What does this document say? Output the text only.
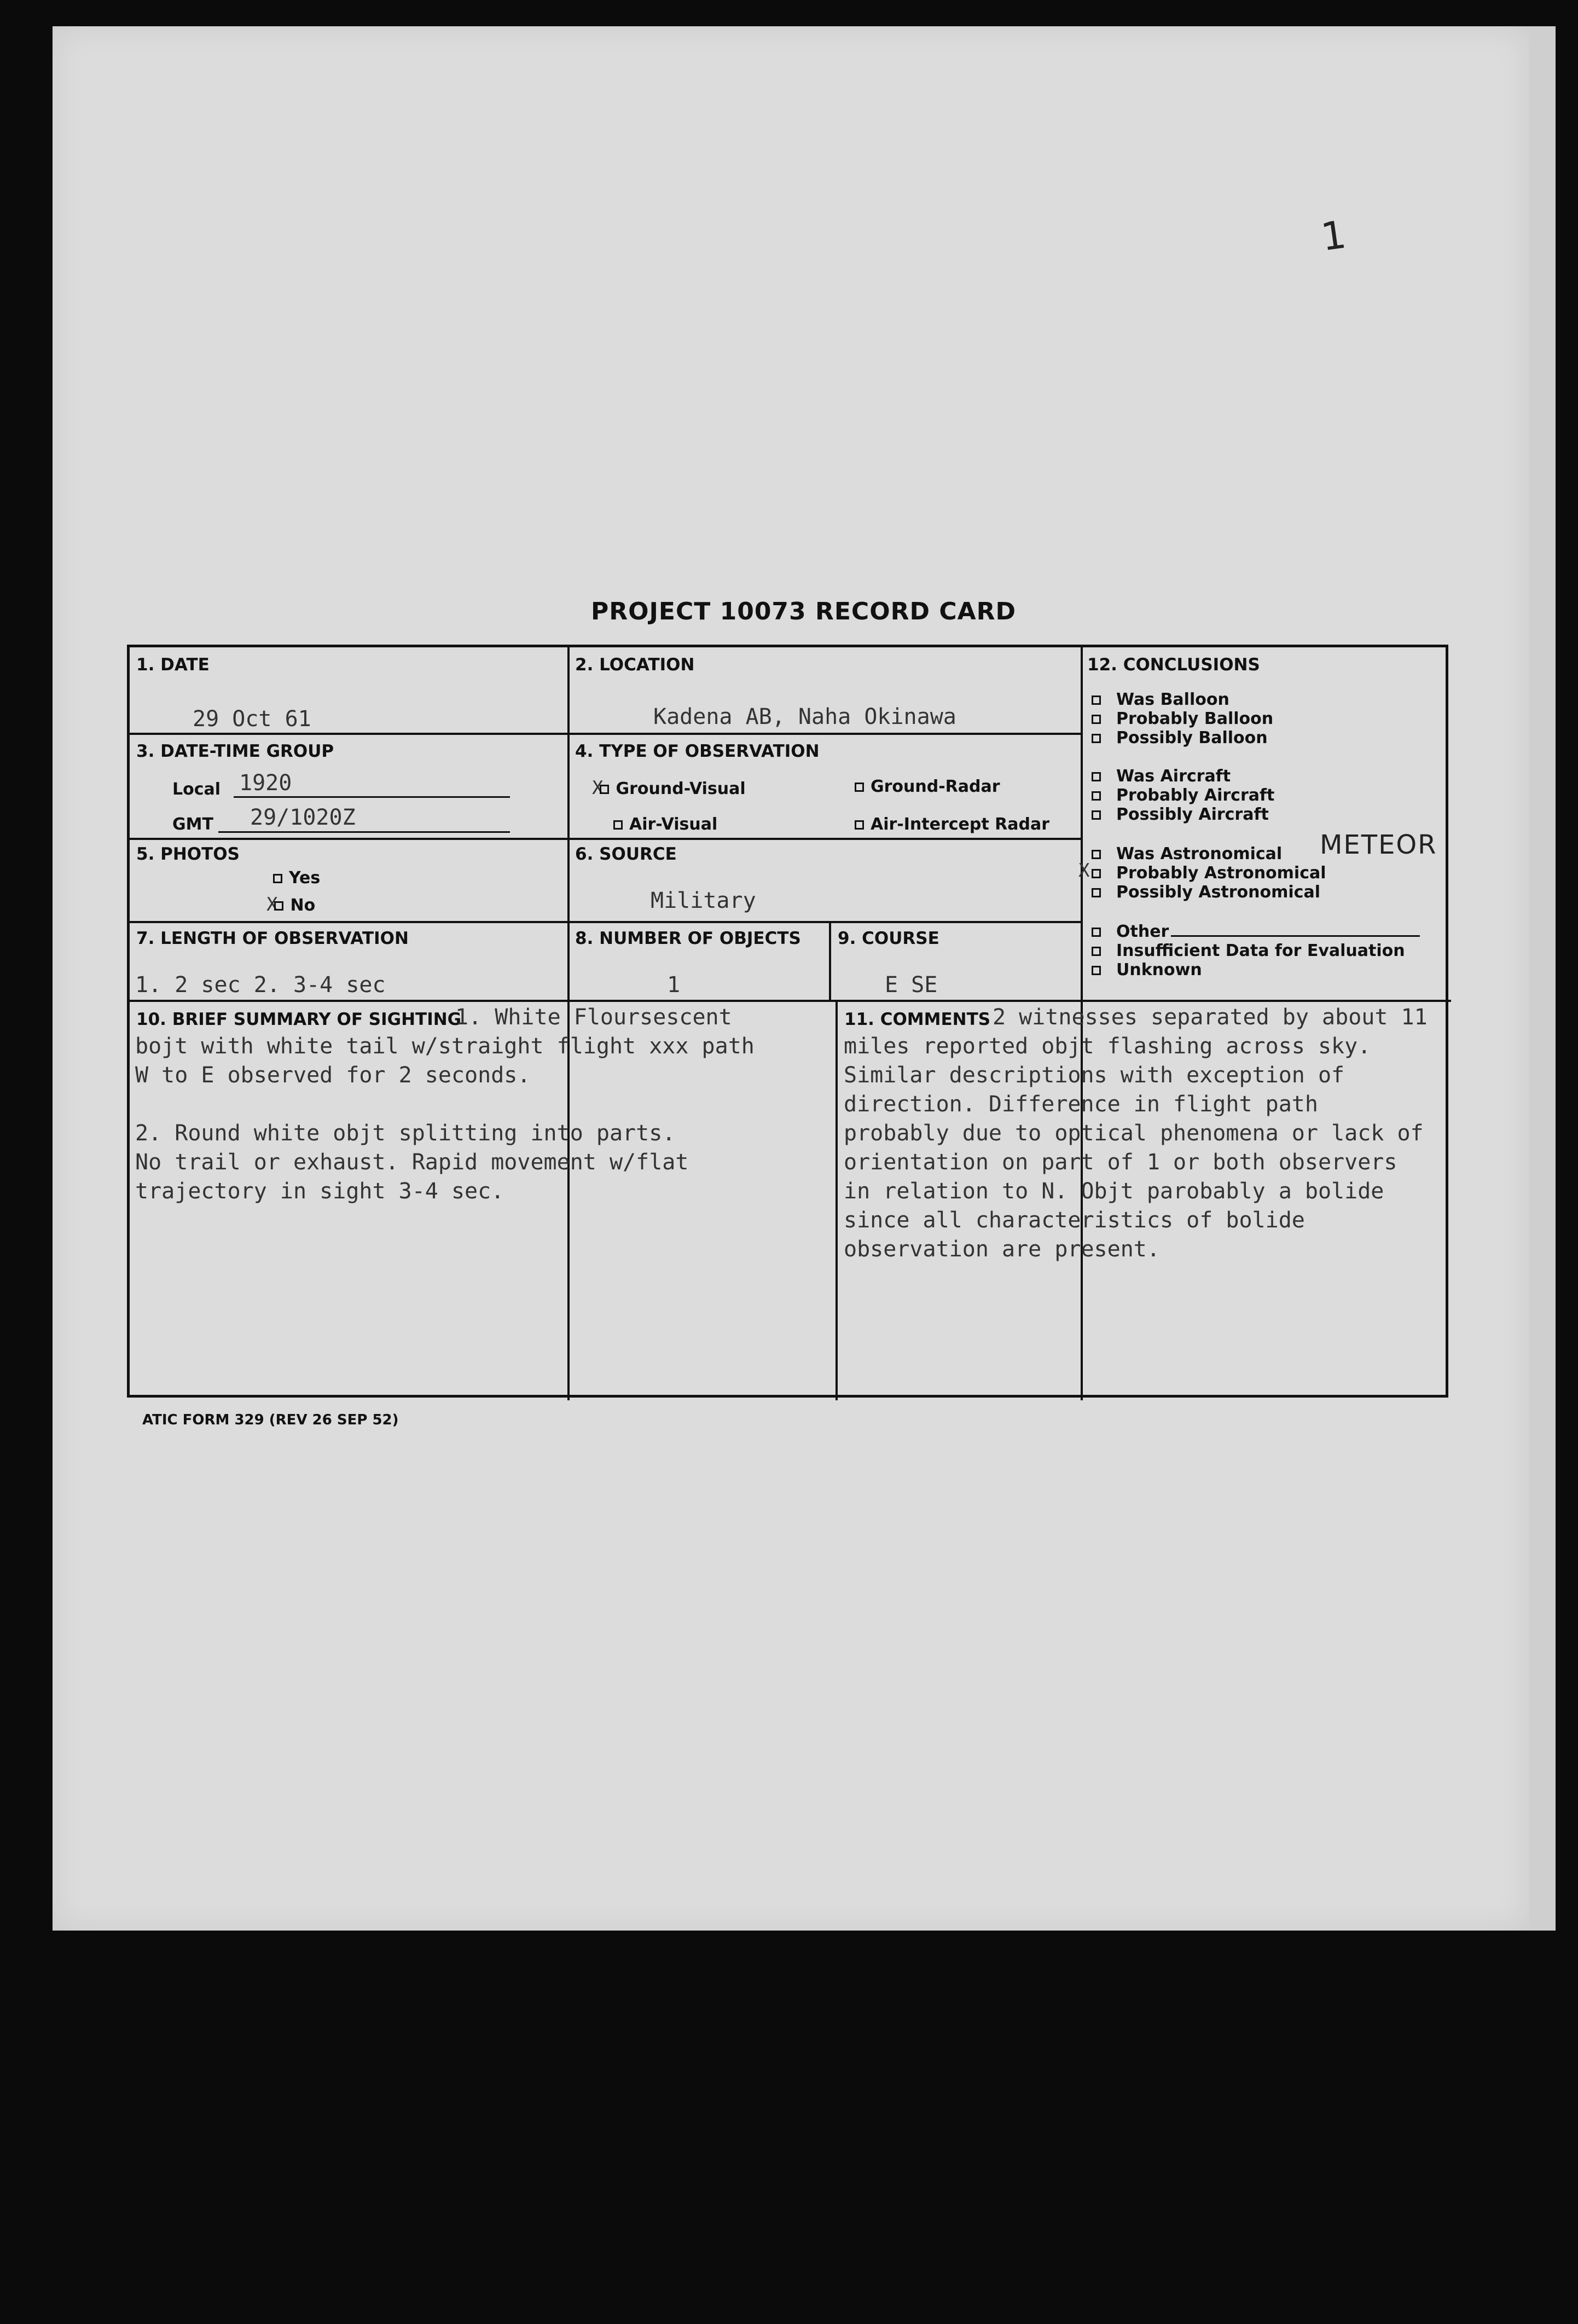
1
PROJECT 10073 RECORD CARD
1. DATE
29 Oct 61
2. LOCATION
Kadena AB, Naha Okinawa
3. DATE-TIME GROUP
Local 1920
GMT 29/1020Z
4. TYPE OF OBSERVATION
X Ground-Visual	Ground-Radar
Air-Visual	Air-Intercept Radar
5. PHOTOS
Yes
X No
6. SOURCE
Military
7. LENGTH OF OBSERVATION
1. 2 sec 2. 3-4 sec
8. NUMBER OF OBJECTS
1
9. COURSE
E SE
10. BRIEF SUMMARY OF SIGHTING
1. White Floursescent
bojt with white tail w/straight flight xxx path
W to E observed for 2 seconds.
2. Round white objt splitting into parts.
No trail or exhaust. Rapid movement w/flat
trajectory in sight 3-4 sec.
11. COMMENTS 2 witnesses separated by about 11
miles reported objt flashing across sky.
Similar descriptions with exception of
direction. Difference in flight path
probably due to optical phenomena or lack of
orientation on part of 1 or both observers
in relation to N. Objt parobably a bolide
since all characteristics of bolide
observation are present.
12. CONCLUSIONS
Was Balloon
Probably Balloon
Possibly Balloon
Was Aircraft
Probably Aircraft
Possibly Aircraft
Was Astronomical
X Probably Astronomical
Possibly Astronomical
Other
Insufficient Data for Evaluation
Unknown
METEOR
ATIC FORM 329 (REV 26 SEP 52)
